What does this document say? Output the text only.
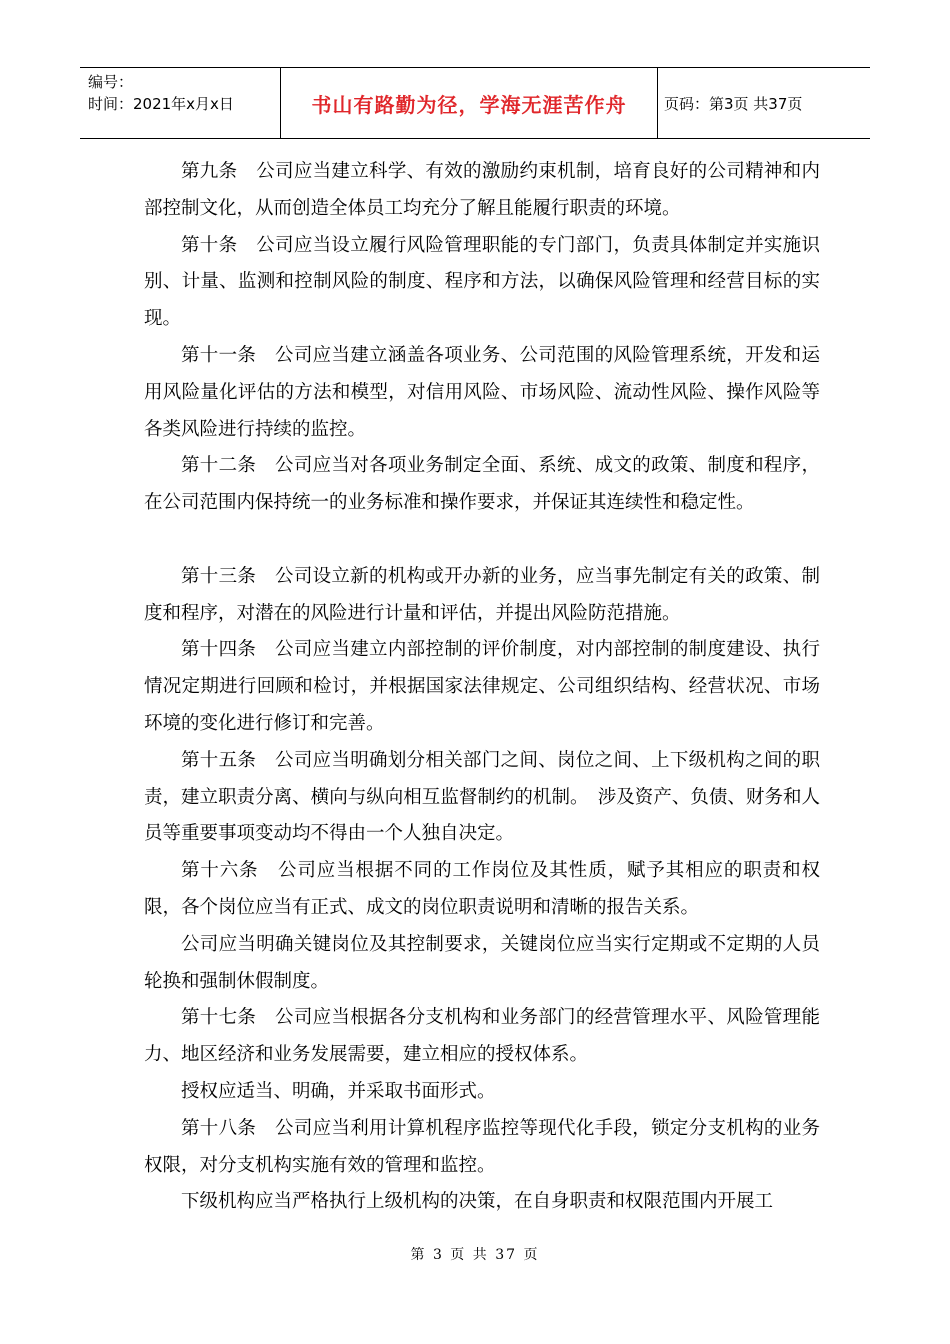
编号：
时间：2021年x月x日	书山有路勤为径，学海无涯苦作舟	页码：第3页 共37页

第九条　公司应当建立科学、有效的激励约束机制，培育良好的公司精神和内部控制文化，从而创造全体员工均充分了解且能履行职责的环境。

第十条　公司应当设立履行风险管理职能的专门部门，负责具体制定并实施识别、计量、监测和控制风险的制度、程序和方法，以确保风险管理和经营目标的实现。

第十一条　公司应当建立涵盖各项业务、公司范围的风险管理系统，开发和运用风险量化评估的方法和模型，对信用风险、市场风险、流动性风险、操作风险等各类风险进行持续的监控。

第十二条　公司应当对各项业务制定全面、系统、成文的政策、制度和程序，在公司范围内保持统一的业务标准和操作要求，并保证其连续性和稳定性。

第十三条　公司设立新的机构或开办新的业务，应当事先制定有关的政策、制度和程序，对潜在的风险进行计量和评估，并提出风险防范措施。

第十四条　公司应当建立内部控制的评价制度，对内部控制的制度建设、执行情况定期进行回顾和检讨，并根据国家法律规定、公司组织结构、经营状况、市场环境的变化进行修订和完善。

第十五条　公司应当明确划分相关部门之间、岗位之间、上下级机构之间的职责，建立职责分离、横向与纵向相互监督制约的机制。　涉及资产、负债、财务和人员等重要事项变动均不得由一个人独自决定。

第十六条　公司应当根据不同的工作岗位及其性质，赋予其相应的职责和权限，各个岗位应当有正式、成文的岗位职责说明和清晰的报告关系。

公司应当明确关键岗位及其控制要求，关键岗位应当实行定期或不定期的人员轮换和强制休假制度。

第十七条　公司应当根据各分支机构和业务部门的经营管理水平、风险管理能力、地区经济和业务发展需要，建立相应的授权体系。

授权应适当、明确，并采取书面形式。

第十八条　公司应当利用计算机程序监控等现代化手段，锁定分支机构的业务权限，对分支机构实施有效的管理和监控。

下级机构应当严格执行上级机构的决策，在自身职责和权限范围内开展工

第 3 页 共 37 页
